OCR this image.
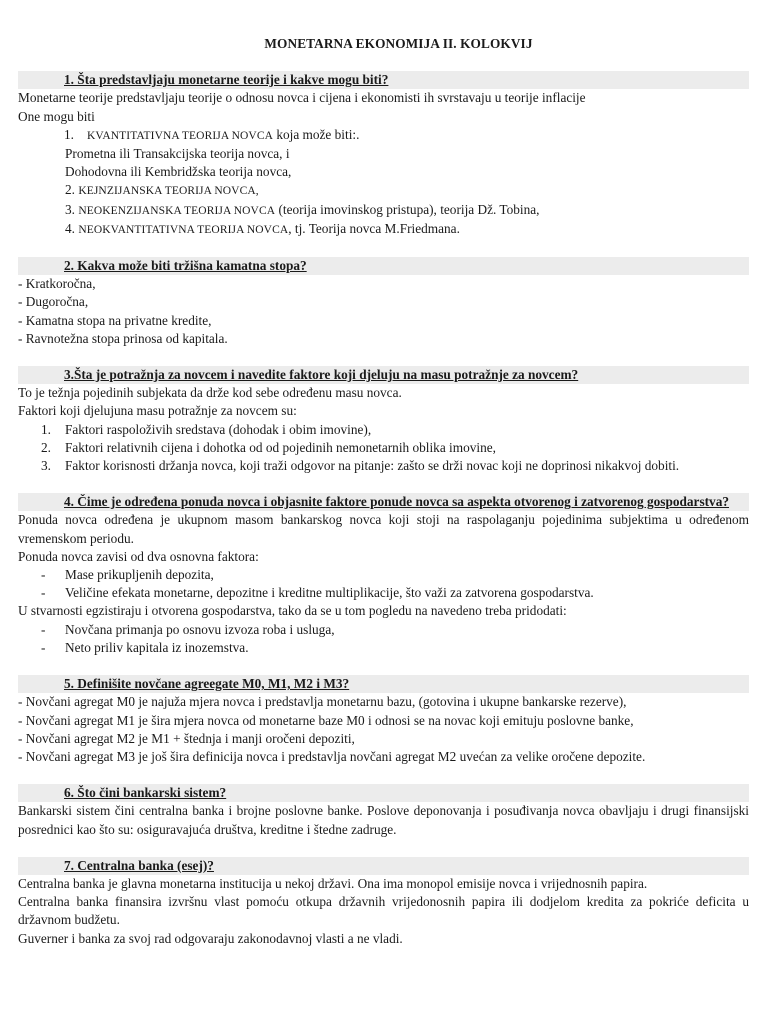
MONETARNA EKONOMIJA II. KOLOKVIJ
1. Šta predstavljaju monetarne teorije i kakve mogu biti?
Monetarne teorije predstavljaju teorije o odnosu novca i cijena i ekonomisti ih svrstavaju u teorije inflacije
One mogu biti
1. KVANTITATIVNA TEORIJA NOVCA koja može biti:.
Prometna ili Transakcijska teorija novca, i
Dohodovna ili Kembridžska teorija novca,
2. KEJNZIJANSKA TEORIJA NOVCA,
3. NEOKENZIJANSKA TEORIJA NOVCA (teorija imovinskog pristupa), teorija Dž. Tobina,
4. NEOKVANTITATIVNA TEORIJA NOVCA, tj. Teorija novca M.Friedmana.
2. Kakva može biti tržišna kamatna stopa?
- Kratkoročna,
- Dugoročna,
- Kamatna stopa na privatne kredite,
- Ravnotežna stopa prinosa od kapitala.
3.Šta je potražnja za novcem i navedite faktore koji djeluju na masu potražnje za novcem?
To je težnja pojedinih subjekata da drže kod sebe određenu masu novca.
Faktori koji djelujuna masu potražnje za novcem su:
1. Faktori raspoloživih sredstava (dohodak i obim imovine),
2. Faktori relativnih cijena i dohotka od od pojedinih nemonetarnih oblika imovine,
3. Faktor korisnosti držanja novca, koji traži odgovor na pitanje: zašto se drži novac koji ne doprinosi nikakvoj dobiti.
4. Čime je određena ponuda novca i objasnite faktore ponude novca sa aspekta otvorenog i zatvorenog gospodarstva?
Ponuda novca određena je ukupnom masom bankarskog novca koji stoji na raspolaganju pojedinima subjektima u određenom vremenskom periodu.
Ponuda novca zavisi od dva osnovna faktora:
- Mase prikupljenih depozita,
- Veličine efekata monetarne, depozitne i kreditne multiplikacije, što važi za zatvorena gospodarstva.
U stvarnosti egzistiraju i otvorena gospodarstva, tako da se u tom pogledu na navedeno treba pridodati:
- Novčana primanja po osnovu izvoza roba i usluga,
- Neto priliv kapitala iz inozemstva.
5. Definišite novčane agreegate M0, M1, M2 i M3?
- Novčani agregat M0 je najuža mjera novca i predstavlja monetarnu bazu, (gotovina i ukupne bankarske rezerve),
- Novčani agregat M1 je šira mjera novca od monetarne baze M0 i odnosi se na novac koji emituju poslovne banke,
- Novčani agregat M2 je M1 + štednja i manji oročeni depoziti,
- Novčani agregat M3 je još šira definicija novca i predstavlja novčani agregat M2 uvećan za velike oročene depozite.
6. Što čini bankarski sistem?
Bankarski sistem čini centralna banka i brojne poslovne banke. Poslove deponovanja i posuđivanja novca obavljaju i drugi finansijski posrednici kao što su: osiguravajuća društva, kreditne i štedne zadruge.
7. Centralna banka (esej)?
Centralna banka je glavna monetarna institucija u nekoj državi. Ona ima monopol emisije novca i vrijednosnih papira.
Centralna banka finansira izvršnu vlast pomoću otkupa državnih vrijedonosnih papira ili dodjelom kredita za pokriće deficita u državnom budžetu.
Guverner i banka za svoj rad odgovaraju zakonodavnoj vlasti a ne vladi.
